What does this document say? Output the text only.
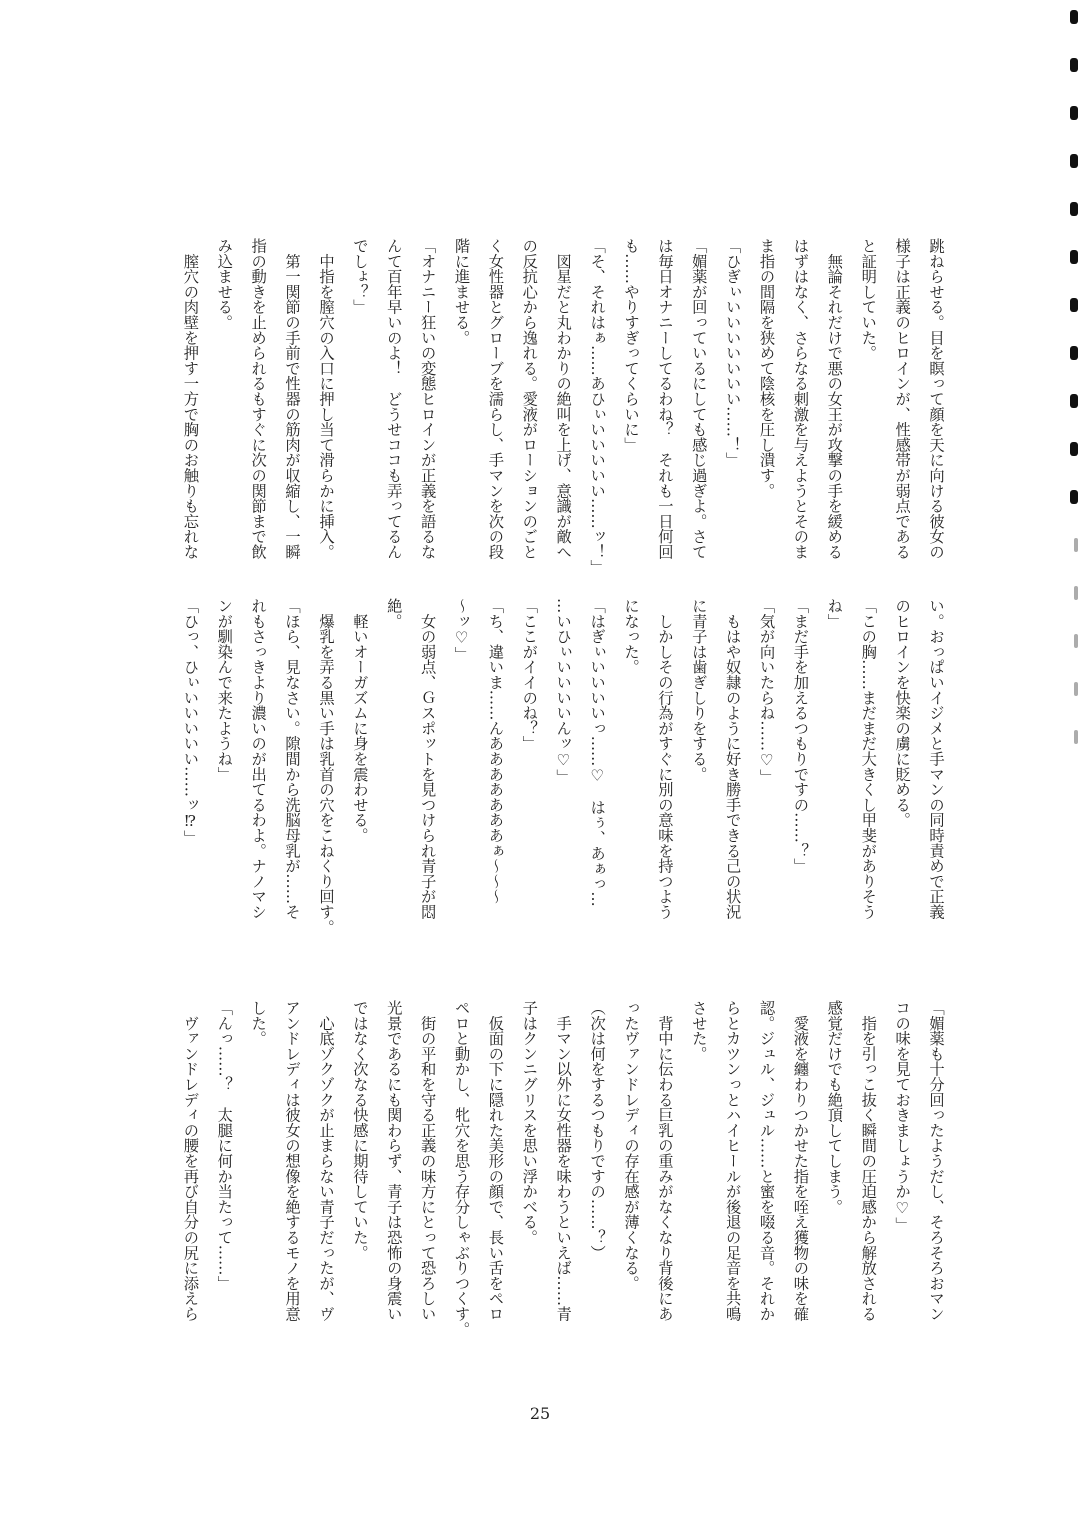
跳ねらせる。目を瞑って顔を天に向ける彼女の
様子は正義のヒロインが、性感帯が弱点である
と証明していた。
　無論それだけで悪の女王が攻撃の手を緩める
はずはなく、さらなる刺激を与えようとそのま
ま指の間隔を狭めて陰核を圧し潰す。
「ひぎぃいいいいいいい……！」
「媚薬が回っているにしても感じ過ぎよ。さて
は毎日オナニーしてるわね？　それも一日何回
も……やりすぎってくらいに」
「そ、それはぁ……あひぃいいいいい……ッ！」
　図星だと丸わかりの絶叫を上げ、意識が敵へ
の反抗心から逸れる。愛液がローションのごと
く女性器とグローブを濡らし、手マンを次の段
階に進ませる。
「オナニー狂いの変態ヒロインが正義を語るな
んて百年早いのよ！　どうせココも弄ってるん
でしょ？」
　中指を膣穴の入口に押し当て滑らかに挿入。
　第一関節の手前で性器の筋肉が収縮し、一瞬
指の動きを止められるもすぐに次の関節まで飲
み込ませる。
　膣穴の肉壁を押す一方で胸のお触りも忘れな
い。おっぱいイジメと手マンの同時責めで正義
のヒロインを快楽の虜に貶める。
「この胸……まだまだ大きくし甲斐がありそう
ね」
「まだ手を加えるつもりですの……？」
「気が向いたらね……♡」
　もはや奴隷のように好き勝手できる己の状況
に青子は歯ぎしりをする。
　しかしその行為がすぐに別の意味を持つよう
になった。
「はぎぃいいいいっ……♡　はぅ、あぁっ…
…いひぃいいいいんッ♡」
「ここがイイのね？」
「ち、違いま……んあああああああぁ～～～
～ッ♡」
　女の弱点、Ｇスポットを見つけられ青子が悶
絶。
　軽いオーガズムに身を震わせる。
　爆乳を弄る黒い手は乳首の穴をこねくり回す。
「ほら、見なさい。隙間から洗脳母乳が……そ
れもさっきより濃いのが出てるわよ。ナノマシ
ンが馴染んで来たようね」
「ひっ、ひぃいいいいい……ッ⁉」
「媚薬も十分回ったようだし、そろそろおマン
コの味を見ておきましょうか♡」
　指を引っこ抜く瞬間の圧迫感から解放される
感覚だけでも絶頂してしまう。
　愛液を纏わりつかせた指を咥え獲物の味を確
認。ジュル、ジュル……と蜜を啜る音。それか
らとカツンっとハイヒールが後退の足音を共鳴
させた。
　背中に伝わる巨乳の重みがなくなり背後にあ
ったヴァンドレディの存在感が薄くなる。
（次は何をするつもりですの……？）
　手マン以外に女性器を味わうといえば……青
子はクンニグリスを思い浮かべる。
　仮面の下に隠れた美形の顔で、長い舌をペロ
ペロと動かし、牝穴を思う存分しゃぶりつくす。
　街の平和を守る正義の味方にとって恐ろしい
光景であるにも関わらず、青子は恐怖の身震い
ではなく次なる快感に期待していた。
　心底ゾクゾクが止まらない青子だったが、ヴ
アンドレディは彼女の想像を絶するモノを用意
した。
「んっ……？　太腿に何か当たって……」
　ヴァンドレディの腰を再び自分の尻に添えら
25
